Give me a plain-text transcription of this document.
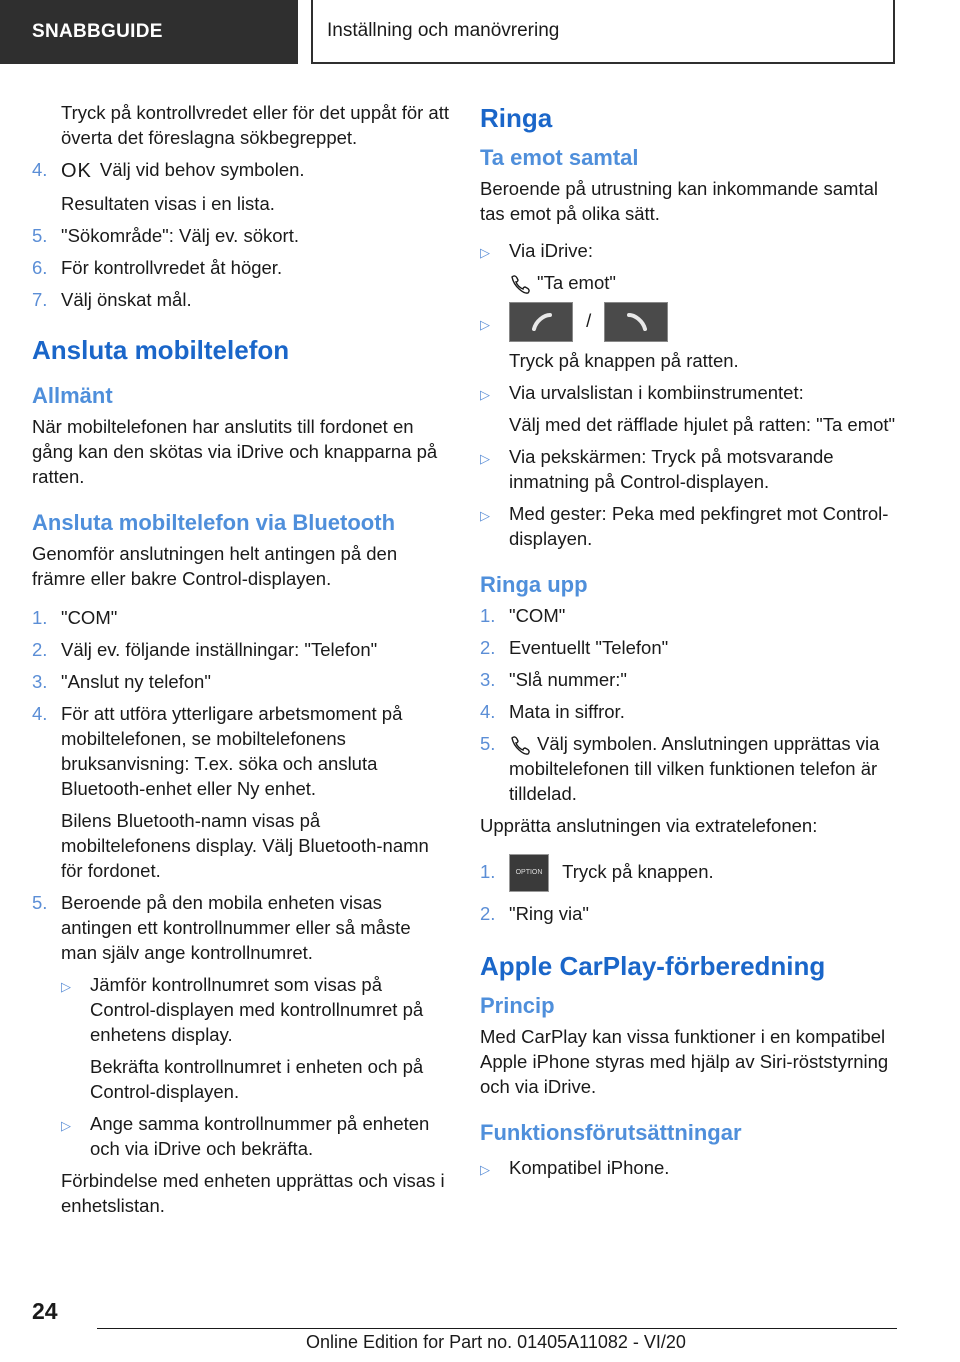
SNABBGUIDE	Inställning och manövrering

Tryck på kontrollvredet eller för det uppåt för att överta det föreslagna sökbegreppet.

4. OK Välj vid behov symbolen.

Resultaten visas i en lista.

5. "Sökområde": Välj ev. sökort.
6. För kontrollvredet åt höger.
7. Välj önskat mål.
Ansluta mobiltelefon
Allmänt

När mobiltelefonen har anslutits till fordonet en gång kan den skötas via iDrive och knapparna på ratten.

Ansluta mobiltelefon via Bluetooth

Genomför anslutningen helt antingen på den främre eller bakre Control-displayen.

1. "COM"
2. Välj ev. följande inställningar: "Telefon"
3. "Anslut ny telefon"
4. För att utföra ytterligare arbetsmoment på mobiltelefonen, se mobiltelefonens bruksanvisning: T.ex. söka och ansluta Bluetooth-enhet eller Ny enhet.

Bilens Bluetooth-namn visas på mobiltelefonens display. Välj Bluetooth-namn för fordonet.

5. Beroende på den mobila enheten visas antingen ett kontrollnummer eller så måste man själv ange kontrollnumret.
▷ Jämför kontrollnumret som visas på Control-displayen med kontrollnumret på enhetens display.

Bekräfta kontrollnumret i enheten och på Control-displayen.

▷ Ange samma kontrollnummer på enheten och via iDrive och bekräfta.

Förbindelse med enheten upprättas och visas i enhetslistan.

Ringa
Ta emot samtal

Beroende på utrustning kan inkommande samtal tas emot på olika sätt.

▷ Via iDrive:

"Ta emot"

▷	/

Tryck på knappen på ratten.

▷ Via urvalslistan i kombiinstrumentet:

Välj med det räfflade hjulet på ratten: "Ta emot"

▷ Via pekskärmen: Tryck på motsvarande inmatning på Control-displayen.
▷ Med gester: Peka med pekfingret mot Control-displayen.
Ringa upp
1. "COM"
2. Eventuellt "Telefon"
3. "Slå nummer:"
4. Mata in siffror.
5. Välj symbolen. Anslutningen upprättas via mobiltelefonen till vilken funktionen telefon är tilldelad.

Upprätta anslutningen via extratelefonen:

1.	OPTION Tryck på knappen.
2. "Ring via"
Apple CarPlay-förberedning
Princip

Med CarPlay kan vissa funktioner i en kompatibel Apple iPhone styras med hjälp av Siri-röststyrning och via iDrive.

Funktionsförutsättningar
▷ Kompatibel iPhone.
24
Online Edition for Part no. 01405A11082 - VI/20
